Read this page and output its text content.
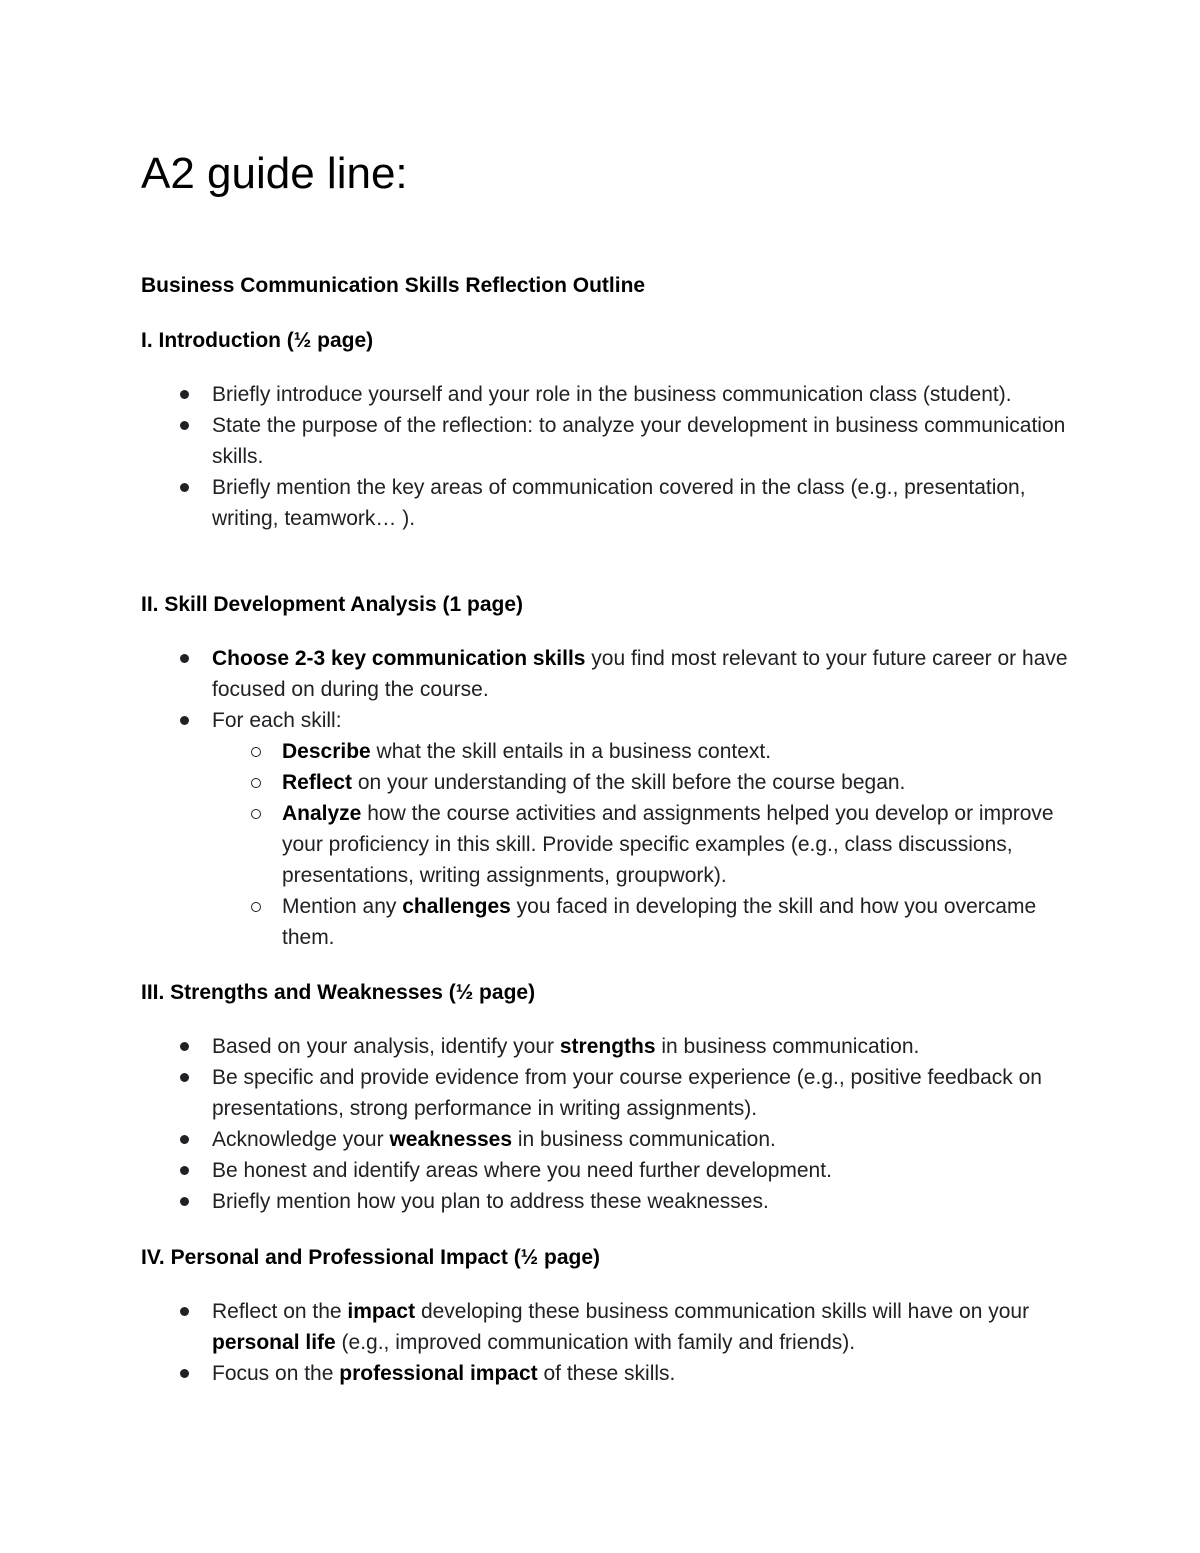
A2 guide line:
Business Communication Skills Reflection Outline
I. Introduction (½ page)
Briefly introduce yourself and your role in the business communication class (student).
State the purpose of the reflection: to analyze your development in business communication skills.
Briefly mention the key areas of communication covered in the class (e.g., presentation, writing, teamwork… ).
II. Skill Development Analysis (1 page)
Choose 2-3 key communication skills you find most relevant to your future career or have focused on during the course.
For each skill:
Describe what the skill entails in a business context.
Reflect on your understanding of the skill before the course began.
Analyze how the course activities and assignments helped you develop or improve your proficiency in this skill. Provide specific examples (e.g., class discussions, presentations, writing assignments, groupwork).
Mention any challenges you faced in developing the skill and how you overcame them.
III. Strengths and Weaknesses (½ page)
Based on your analysis, identify your strengths in business communication.
Be specific and provide evidence from your course experience (e.g., positive feedback on presentations, strong performance in writing assignments).
Acknowledge your weaknesses in business communication.
Be honest and identify areas where you need further development.
Briefly mention how you plan to address these weaknesses.
IV. Personal and Professional Impact (½ page)
Reflect on the impact developing these business communication skills will have on your personal life (e.g., improved communication with family and friends).
Focus on the professional impact of these skills.
